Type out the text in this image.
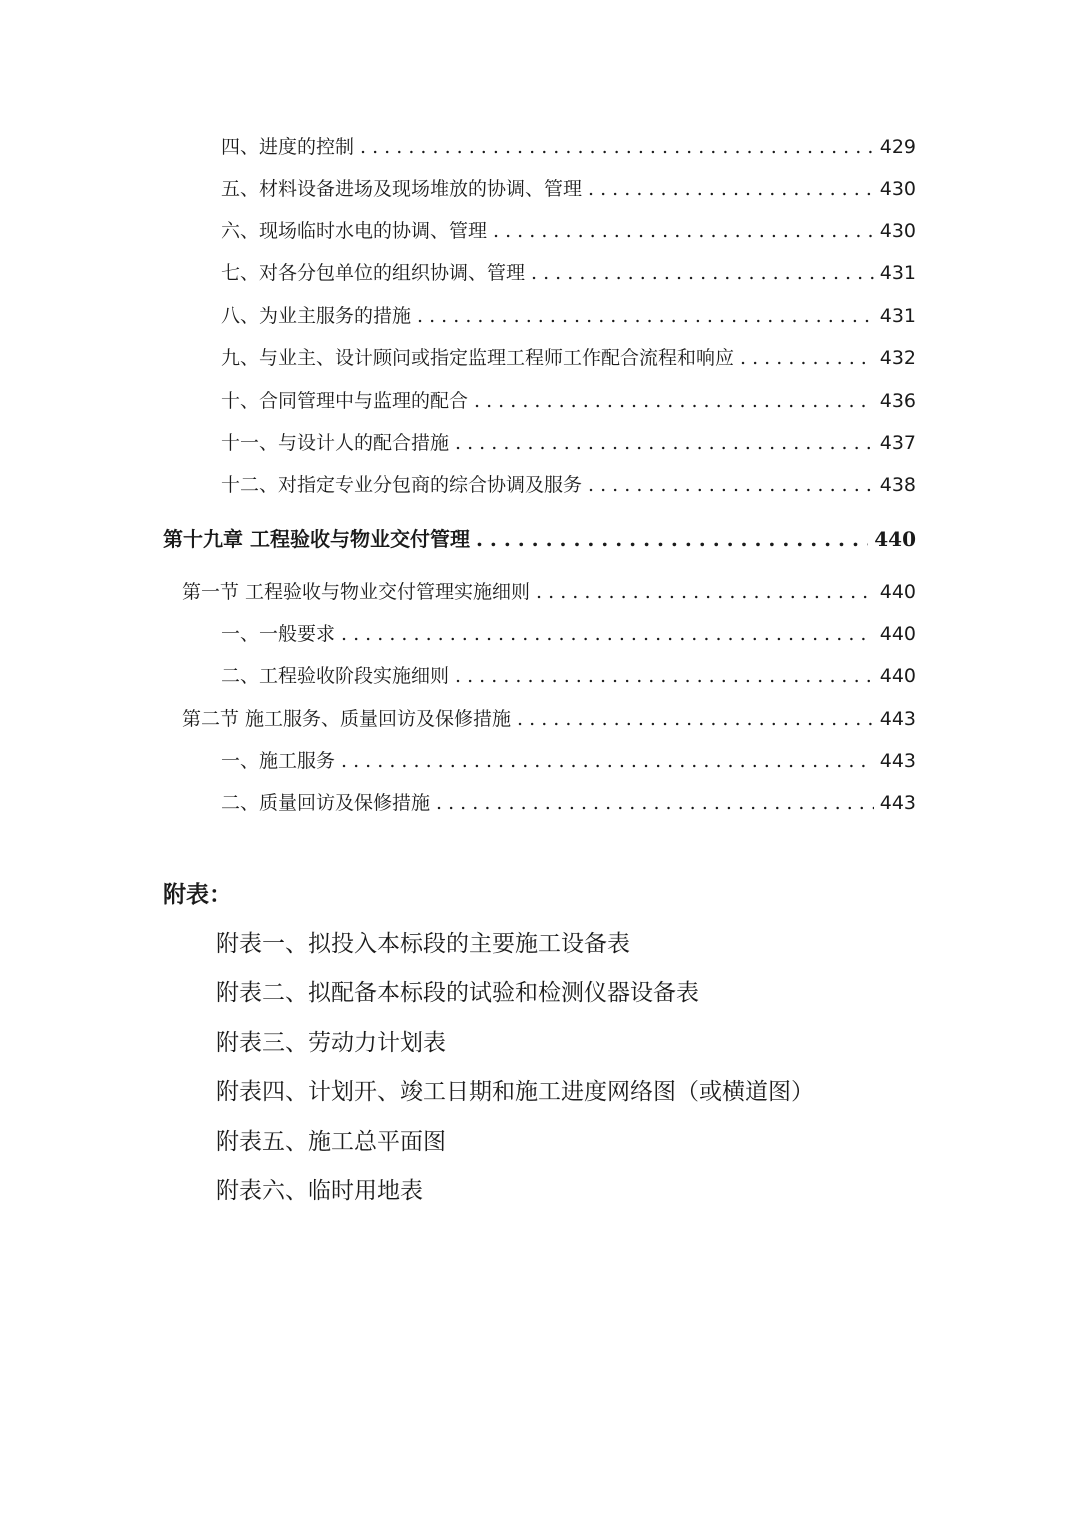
四、进度的控制 . . .	429
五、材料设备进场及现场堆放的协调、管理 . . .	430
六、现场临时水电的协调、管理 . . .	430
七、对各分包单位的组织协调、管理 . . .	431
八、为业主服务的措施 . . .	431
九、与业主、设计顾问或指定监理工程师工作配合流程和响应 . . .	432
十、合同管理中与监理的配合 . . .	436
十一、与设计人的配合措施 . . .	437
十二、对指定专业分包商的综合协调及服务 . . .	438
第十九章 工程验收与物业交付管理 . . .	440
第一节 工程验收与物业交付管理实施细则 . . .	440
一、一般要求 . . .	440
二、工程验收阶段实施细则 . . .	440
第二节 施工服务、质量回访及保修措施 . . .	443
一、施工服务 . . .	443
二、质量回访及保修措施 . . .	443
附表：
附表一、拟投入本标段的主要施工设备表
附表二、拟配备本标段的试验和检测仪器设备表
附表三、劳动力计划表
附表四、计划开、竣工日期和施工进度网络图（或横道图）
附表五、施工总平面图
附表六、临时用地表
